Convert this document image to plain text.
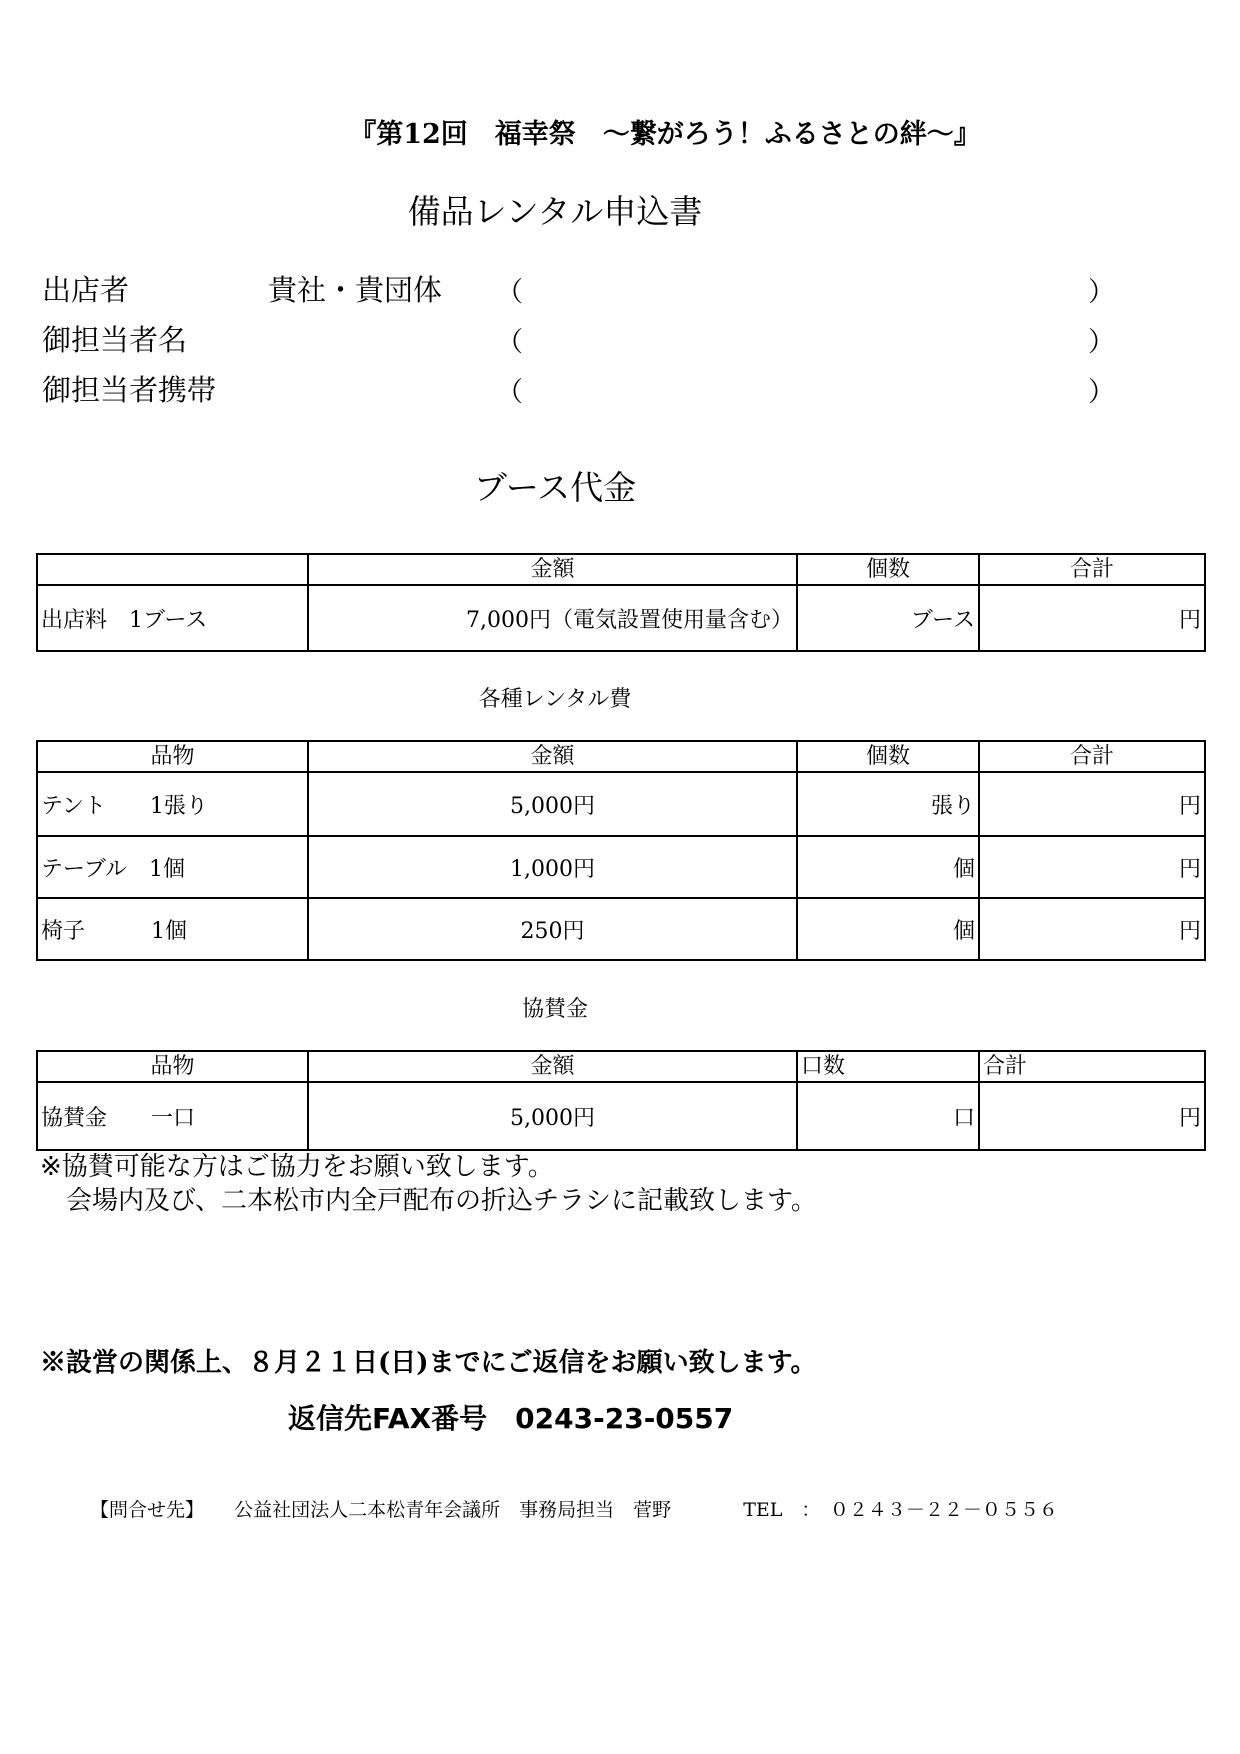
『第12回　福幸祭　～繋がろう！ふるさとの絆～』
備品レンタル申込書
出店者	貴社・貴団体 （	）
御担当者名	（	）
御担当者携帯	（	）
ブース代金
	金額	個数	合計
出店料　1ブース	7,000円（電気設置使用量含む）	ブース	円
各種レンタル費
品物	金額	個数	合計
テント　　1張り	5,000円	張り	円
テーブル　1個	1,000円	個	円
椅子　　　1個	250円	個	円
協賛金
品物	金額	口数	合計
協賛金　　一口	5,000円	口	円
※協賛可能な方はご協力をお願い致します。
　会場内及び、二本松市内全戸配布の折込チラシに記載致します。
※設営の関係上、８月２１日(日)までにご返信をお願い致します。
返信先FAX番号　0243-23-0557
【問合せ先】 公益社団法人二本松青年会議所　事務局担当　菅野	TEL　：　０２４３－２２－０５５６
